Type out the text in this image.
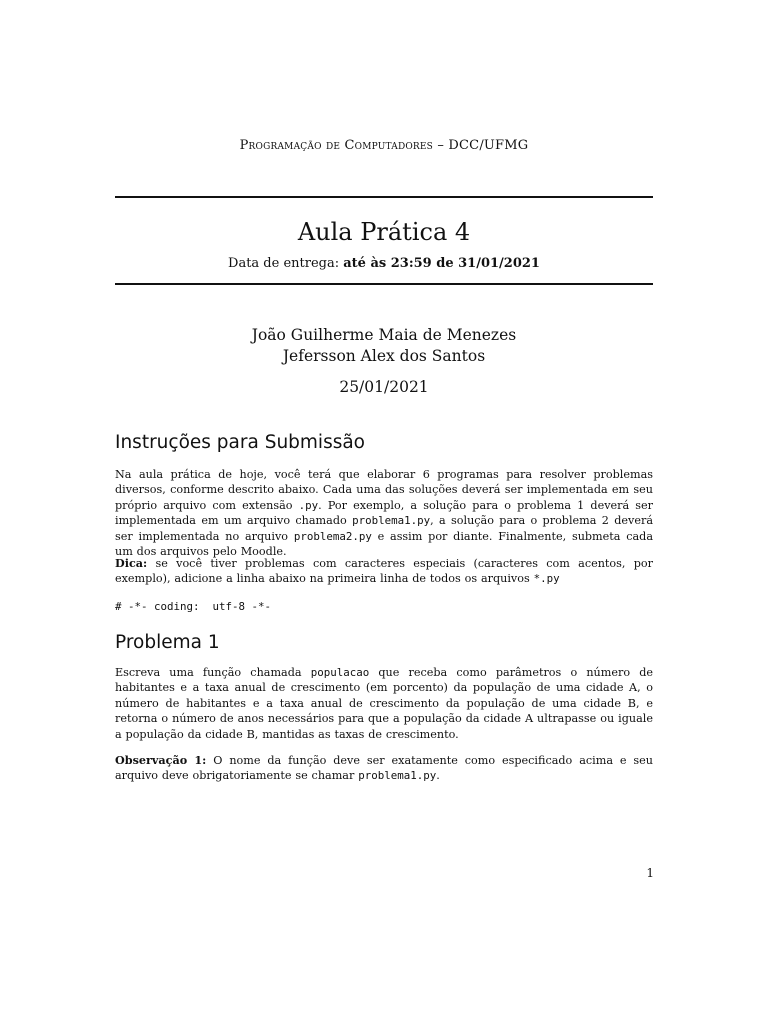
Programação de Computadores – DCC/UFMG
Aula Prática 4
Data de entrega: até às 23:59 de 31/01/2021
João Guilherme Maia de Menezes
Jefersson Alex dos Santos
25/01/2021
Instruções para Submissão
Na aula prática de hoje, você terá que elaborar 6 programas para resolver problemas diversos, conforme descrito abaixo. Cada uma das soluções deverá ser implementada em seu próprio arquivo com extensão .py. Por exemplo, a solução para o problema 1 deverá ser implementada em um arquivo chamado problema1.py, a solução para o problema 2 deverá ser implementada no arquivo problema2.py e assim por diante. Finalmente, submeta cada um dos arquivos pelo Moodle.
Dica: se você tiver problemas com caracteres especiais (caracteres com acentos, por exemplo), adicione a linha abaixo na primeira linha de todos os arquivos *.py
# -*- coding:  utf-8 -*-
Problema 1
Escreva uma função chamada populacao que receba como parâmetros o número de habitantes e a taxa anual de crescimento (em porcento) da população de uma cidade A, o número de habitantes e a taxa anual de crescimento da população de uma cidade B, e retorna o número de anos necessários para que a população da cidade A ultrapasse ou iguale a população da cidade B, mantidas as taxas de crescimento.
Observação 1: O nome da função deve ser exatamente como especificado acima e seu arquivo deve obrigatoriamente se chamar problema1.py.
1
